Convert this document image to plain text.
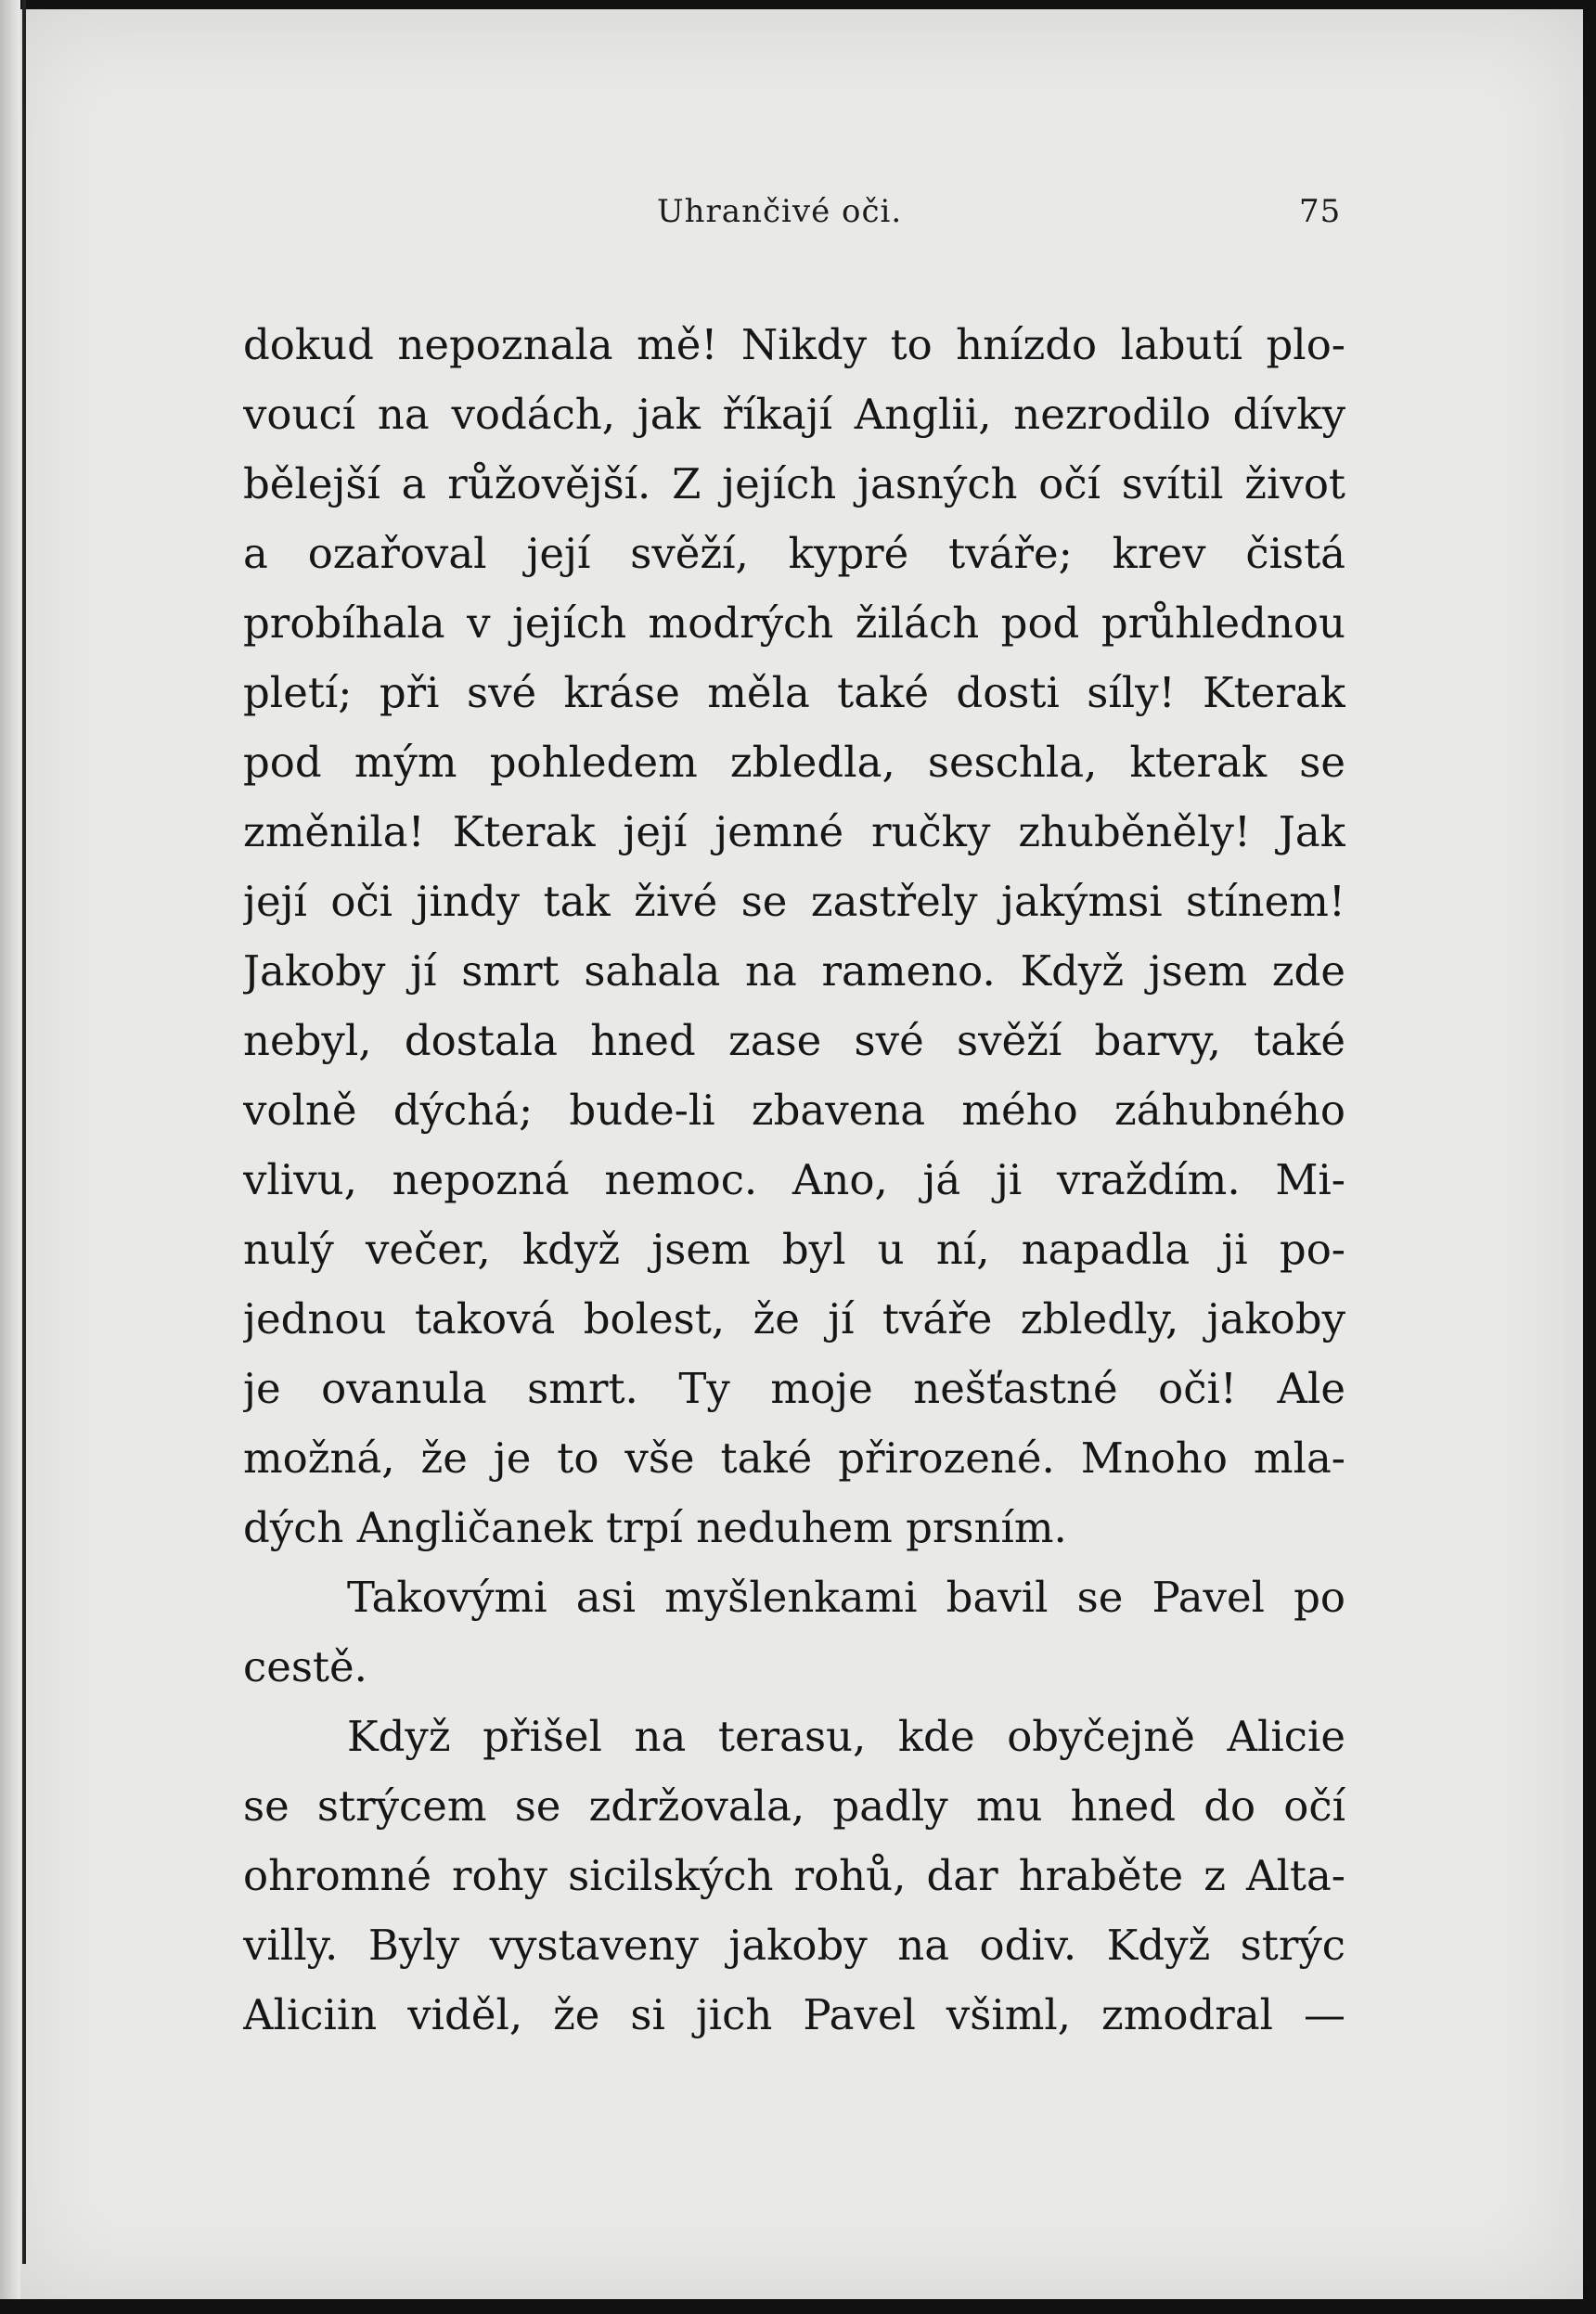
Uhrančivé oči.	75
dokud nepoznala mě! Nikdy to hnízdo labutí plo-
voucí na vodách, jak říkají Anglii, nezrodilo dívky
bělejší a růžovější. Z jejích jasných očí svítil život
a ozařoval její svěží, kypré tváře; krev čistá
probíhala v jejích modrých žilách pod průhlednou
pletí; při své kráse měla také dosti síly! Kterak
pod mým pohledem zbledla, seschla, kterak se
změnila! Kterak její jemné ručky zhuběněly! Jak
její oči jindy tak živé se zastřely jakýmsi stínem!
Jakoby jí smrt sahala na rameno. Když jsem zde
nebyl, dostala hned zase své svěží barvy, také
volně dýchá; bude-li zbavena mého záhubného
vlivu, nepozná nemoc. Ano, já ji vraždím. Mi-
nulý večer, když jsem byl u ní, napadla ji po-
jednou taková bolest, že jí tváře zbledly, jakoby
je ovanula smrt. Ty moje nešťastné oči! Ale
možná, že je to vše také přirozené. Mnoho mla-
dých Angličanek trpí neduhem prsním.
Takovými asi myšlenkami bavil se Pavel po
cestě.
Když přišel na terasu, kde obyčejně Alicie
se strýcem se zdržovala, padly mu hned do očí
ohromné rohy sicilských rohů, dar hraběte z Alta-
villy. Byly vystaveny jakoby na odiv. Když strýc
Aliciin viděl, že si jich Pavel všiml, zmodral —
